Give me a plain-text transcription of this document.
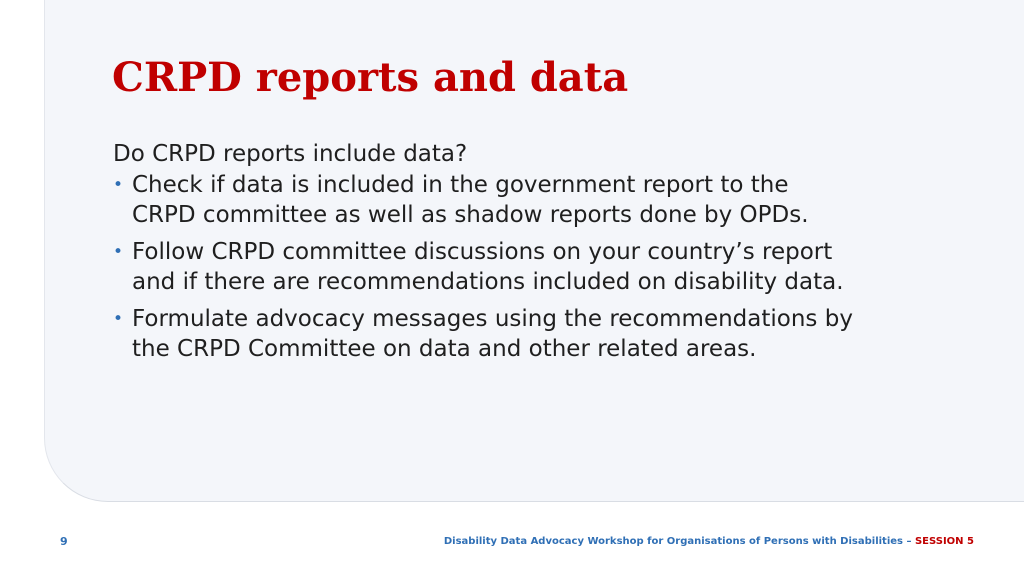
CRPD reports and data

Do CRPD reports include data?

• Check if data is included in the government report to the
CRPD committee as well as shadow reports done by OPDs.
• Follow CRPD committee discussions on your country’s report
and if there are recommendations included on disability data.
• Formulate advocacy messages using the recommendations by
the CRPD Committee on data and other related areas.
9	Disability Data Advocacy Workshop for Organisations of Persons with Disabilities – SESSION 5
